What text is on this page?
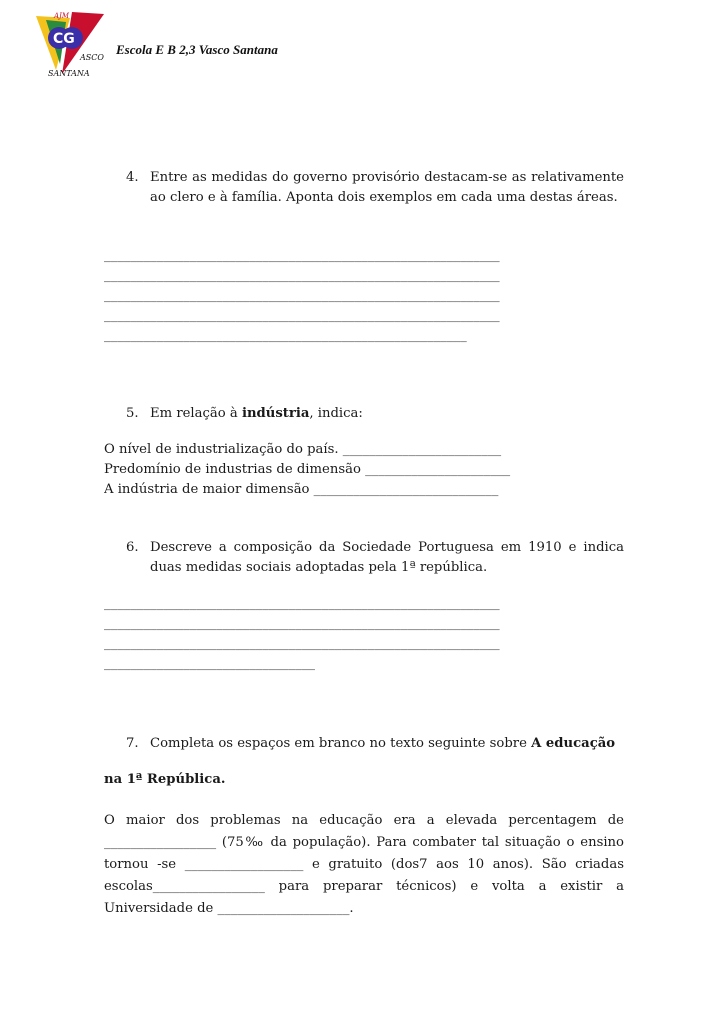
CG
AJM
ASCO
SANTANA
Escola E B 2,3 Vasco Santana
4. Entre as medidas do governo provisório destacam-se as relativamente ao clero e à família. Aponta dois exemplos em cada uma destas áreas.
____________________________________________________________
____________________________________________________________
____________________________________________________________
____________________________________________________________
_______________________________________________________
5. Em relação à indústria, indica:
O nível de industrialização do país. ________________________
Predomínio de industrias de dimensão ______________________
A indústria de maior dimensão ____________________________
6. Descreve a composição da Sociedade Portuguesa em 1910 e indica duas medidas sociais adoptadas pela 1ª república.
____________________________________________________________
____________________________________________________________
____________________________________________________________
________________________________
7. Completa os espaços em branco no texto seguinte sobre A educação
na 1ª República.
O maior dos problemas na educação era a elevada percentagem de _________________ (75‰ da população). Para combater tal situação o ensino tornou -se __________________ e gratuito (dos7 aos 10 anos). São criadas escolas_________________ para preparar técnicos) e volta a existir a Universidade de ____________________.
